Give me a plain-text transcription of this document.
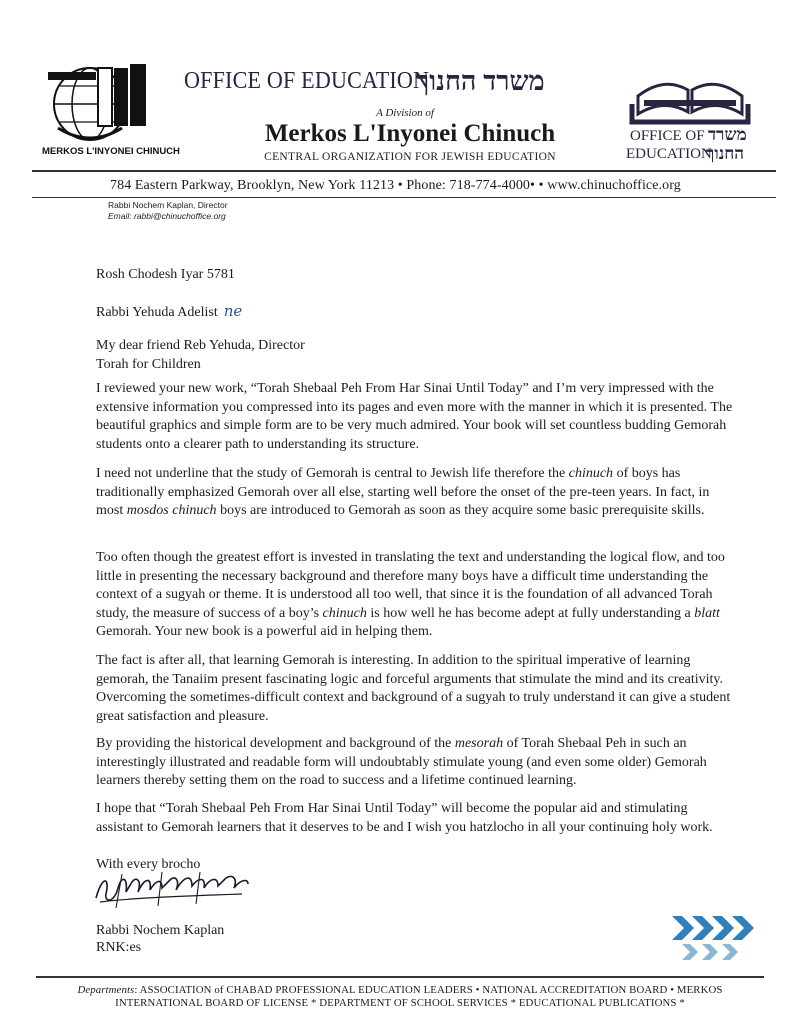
MERKOS L'INYONEI CHINUCH
OFFICE OF EDUCATION
משרד החנוך
A Division of
Merkos L'Inyonei Chinuch
CENTRAL ORGANIZATION FOR JEWISH EDUCATION
OFFICE OF
EDUCATION
משרד
החנוך
784 Eastern Parkway, Brooklyn, New York 11213 • Phone: 718-774-4000• • www.chinuchoffice.org
Rabbi Nochem Kaplan, Director
Email: rabbi@chinuchoffice.org
Rosh Chodesh Iyar 5781
Rabbi Yehuda Adelist ne
My dear friend Reb Yehuda, Director
Torah for Children
I reviewed your new work, “Torah Shebaal Peh From Har Sinai Until Today” and I’m very impressed with the extensive information you compressed into its pages and even more with the manner in which it is presented. The beautiful graphics and simple form are to be very much admired. Your book will set countless budding Gemorah students onto a clearer path to understanding its structure.
I need not underline that the study of Gemorah is central to Jewish life therefore the chinuch of boys has traditionally emphasized Gemorah over all else, starting well before the onset of the pre-teen years. In fact, in most mosdos chinuch boys are introduced to Gemorah as soon as they acquire some basic prerequisite skills.
Too often though the greatest effort is invested in translating the text and understanding the logical flow, and too little in presenting the necessary background and therefore many boys have a difficult time understanding the context of a sugyah or theme. It is understood all too well, that since it is the foundation of all advanced Torah study, the measure of success of a boy’s chinuch is how well he has become adept at fully understanding a blatt Gemorah. Your new book is a powerful aid in helping them.
The fact is after all, that learning Gemorah is interesting. In addition to the spiritual imperative of learning gemorah, the Tanaiim present fascinating logic and forceful arguments that stimulate the mind and its creativity. Overcoming the sometimes-difficult context and background of a sugyah to truly understand it can give a student great satisfaction and pleasure.
By providing the historical development and background of the mesorah of Torah Shebaal Peh in such an interestingly illustrated and readable form will undoubtably stimulate young (and even some older) Gemorah learners thereby setting them on the road to success and a lifetime continued learning.
I hope that “Torah Shebaal Peh From Har Sinai Until Today” will become the popular aid and stimulating assistant to Gemorah learners that it deserves to be and I wish you hatzlocho in all your continuing holy work.
With every brocho
Rabbi Nochem Kaplan
RNK:es
Departments: ASSOCIATION of CHABAD PROFESSIONAL EDUCATION LEADERS • NATIONAL ACCREDITATION BOARD • MERKOS
INTERNATIONAL BOARD OF LICENSE * DEPARTMENT OF SCHOOL SERVICES * EDUCATIONAL PUBLICATIONS *
